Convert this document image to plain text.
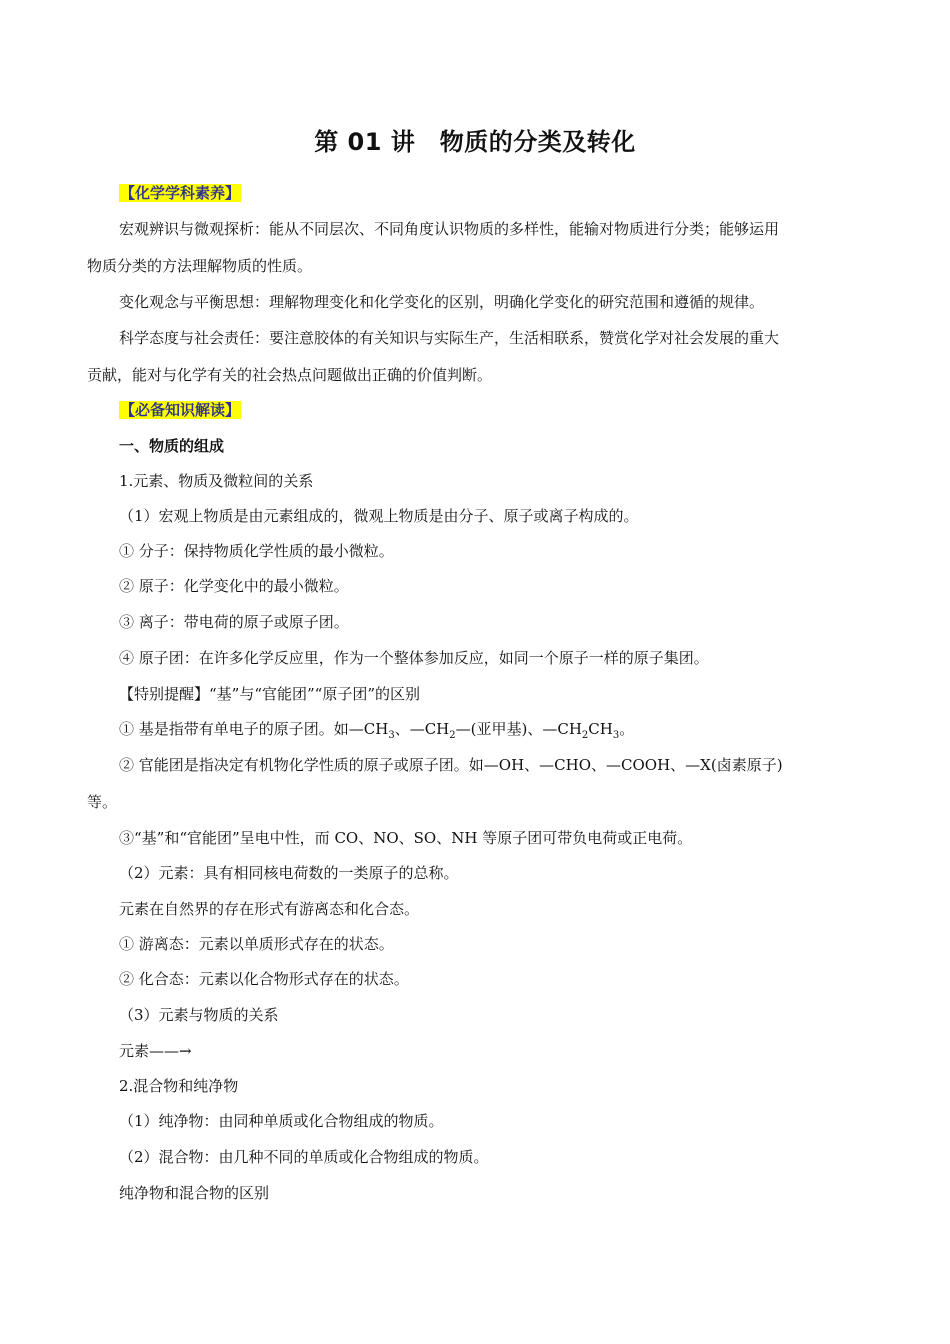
第 01 讲　物质的分类及转化
【化学学科素养】
宏观辨识与微观探析：能从不同层次、不同角度认识物质的多样性，能输对物质进行分类；能够运用
物质分类的方法理解物质的性质。
变化观念与平衡思想：理解物理变化和化学变化的区别，明确化学变化的研究范围和遵循的规律。
科学态度与社会责任：要注意胶体的有关知识与实际生产，生活相联系，赞赏化学对社会发展的重大
贡献，能对与化学有关的社会热点问题做出正确的价值判断。
【必备知识解读】
一、物质的组成
1.元素、物质及微粒间的关系
（1）宏观上物质是由元素组成的，微观上物质是由分子、原子或离子构成的。
① 分子：保持物质化学性质的最小微粒。
② 原子：化学变化中的最小微粒。
③ 离子：带电荷的原子或原子团。
④ 原子团：在许多化学反应里，作为一个整体参加反应，如同一个原子一样的原子集团。
【特别提醒】“基”与“官能团”“原子团”的区别
① 基是指带有单电子的原子团。如$—CH_3$、$—CH_2—$(亚甲基)、$—CH_2CH_3$。
② 官能团是指决定有机物化学性质的原子或原子团。如—OH、—CHO、—COOH、—X(卤素原子)
等。
③“基”和“官能团”呈电中性，而 CO、NO、SO、NH 等原子团可带负电荷或正电荷。
（2）元素：具有相同核电荷数的一类原子的总称。
元素在自然界的存在形式有游离态和化合态。
① 游离态：元素以单质形式存在的状态。
② 化合态：元素以化合物形式存在的状态。
（3）元素与物质的关系
元素——→
2.混合物和纯净物
（1）纯净物：由同种单质或化合物组成的物质。
（2）混合物：由几种不同的单质或化合物组成的物质。
纯净物和混合物的区别
